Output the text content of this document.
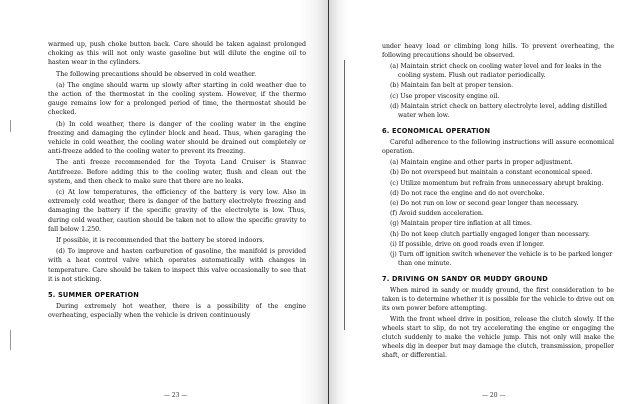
warmed up, push choke button back. Care should be taken against prolonged choking as this will not only waste gasoline but will dilute the engine oil to hasten wear in the cylinders.

The following precautions should be observed in cold weather.

(a) The engine should warm up slowly after starting in cold weather due to the action of the thermostat in the cooling system. However, if the thermo gauge remains low for a prolonged period of time, the thermostat should be checked.

(b) In cold weather, there is danger of the cooling water in the engine freezing and damaging the cylinder block and head. Thus, when garaging the vehicle in cold weather, the cooling water should be drained out completely or anti-freeze added to the cooling water to prevent its freezing.

The anti freeze recommended for the Toyota Land Cruiser is Stanvac Antifreeze. Before adding this to the cooling water, flush and clean out the system, and then check to make sure that there are no leaks.

(c) At low temperatures, the efficiency of the battery is very low. Also in extremely cold weather, there is danger of the battery electrolyte freezing and damaging the battery if the specific gravity of the electrolyte is low. Thus, during cold weather, caution should be taken not to allow the specific gravity to fall below 1.250.

If possible, it is recommended that the battery be stored indoors.

(d) To improve and hasten carburetion of gasoline, the manifold is provided with a heat control valve which operates automatically with changes in temperature. Care should be taken to inspect this valve occasionally to see that it is not sticking.

5. SUMMER OPERATION

During extremely hot weather, there is a possibility of the engine overheating, especially when the vehicle is driven continuously

— 23 —

under heavy load or climbing long hills. To prevent overheating, the following precautions should be observed.

(a) Maintain strict check on cooling water level and for leaks in the cooling system. Flush out radiator periodically.

(b) Maintain fan belt at proper tension.

(c) Use proper viscosity engine oil.

(d) Maintain strict check on battery electrolyte level, adding distilled water when low.

6. ECONOMICAL OPERATION

Careful adherence to the following instructions will assure economical operation.

(a) Maintain engine and other parts in proper adjustment.

(b) Do not overspeed but maintain a constant economical speed.

(c) Utilize momentum but refrain from unnecessary abrupt braking.

(d) Do not race the engine and do not overchoke.

(e) Do not run on low or second gear longer than necessary.

(f) Avoid sudden acceleration.

(g) Maintain proper tire inflation at all times.

(h) Do not keep clutch partially engaged longer than necessary.

(i) If possible, drive on good roads even if longer.

(j) Turn off ignition switch whenever the vehicle is to be parked longer than one minute.

7. DRIVING ON SANDY OR MUDDY GROUND

When mired in sandy or muddy ground, the first consideration to be taken is to determine whether it is possible for the vehicle to drive out on its own power before attempting.

With the front wheel drive in position, release the clutch slowly. If the wheels start to slip, do not try accelerating the engine or engaging the clutch suddenly to make the vehicle jump. This not only will make the wheels dig in deeper but may damage the clutch, transmission, propeller shaft, or differential.

— 20 —
